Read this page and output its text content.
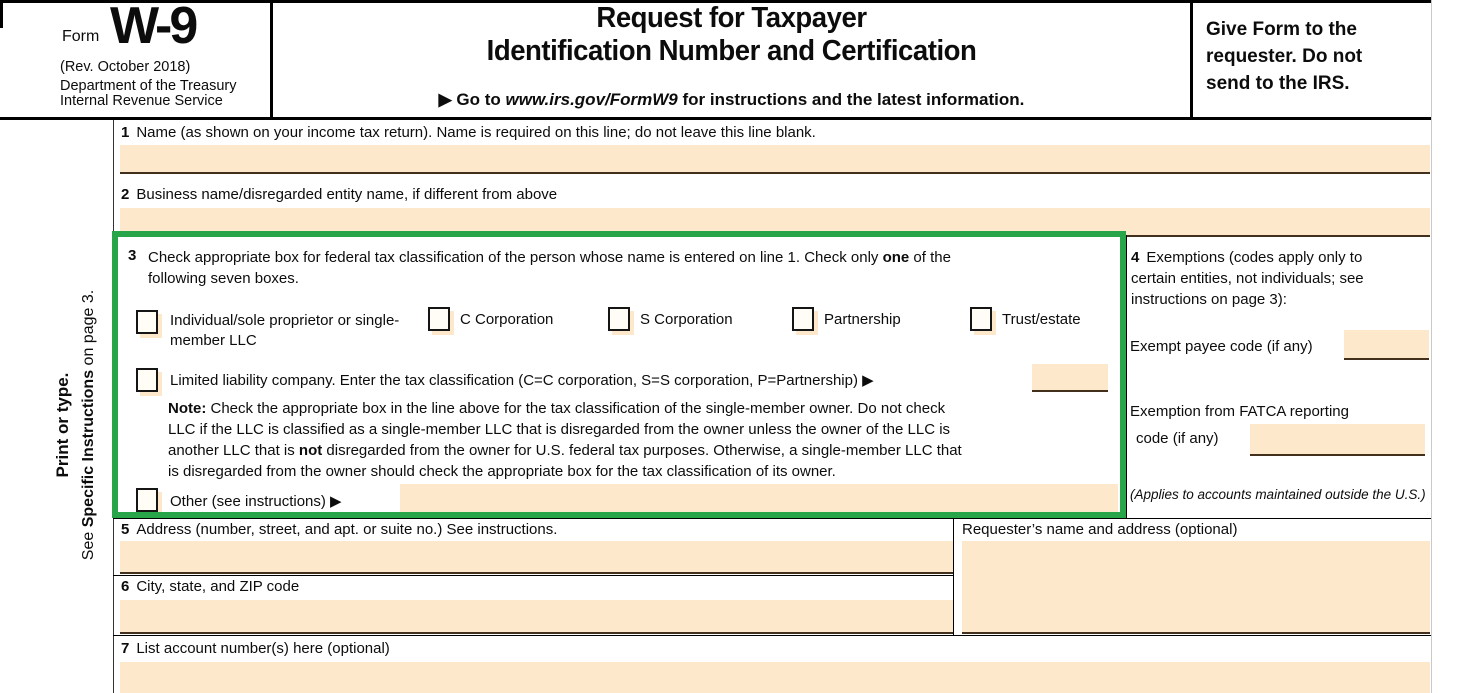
Form W-9
(Rev. October 2018)
Department of the Treasury
Internal Revenue Service
Request for Taxpayer
Identification Number and Certification
▶ Go to www.irs.gov/FormW9 for instructions and the latest information.
Give Form to the
requester. Do not
send to the IRS.
Print or type.
See Specific Instructions on page 3.
1 Name (as shown on your income tax return). Name is required on this line; do not leave this line blank.
2 Business name/disregarded entity name, if different from above
3 Check appropriate box for federal tax classification of the person whose name is entered on line 1. Check only one of the
following seven boxes.
Individual/sole proprietor or single-member LLC
C Corporation	S Corporation	Partnership	Trust/estate
Limited liability company. Enter the tax classification (C=C corporation, S=S corporation, P=Partnership) ▶
Note: Check the appropriate box in the line above for the tax classification of the single-member owner. Do not check
LLC if the LLC is classified as a single-member LLC that is disregarded from the owner unless the owner of the LLC is
another LLC that is not disregarded from the owner for U.S. federal tax purposes. Otherwise, a single-member LLC that
is disregarded from the owner should check the appropriate box for the tax classification of its owner.
Other (see instructions) ▶
4 Exemptions (codes apply only to certain entities, not individuals; see instructions on page 3):
Exempt payee code (if any)
Exemption from FATCA reporting
code (if any)
(Applies to accounts maintained outside the U.S.)
5 Address (number, street, and apt. or suite no.) See instructions.	Requester’s name and address (optional)
6 City, state, and ZIP code
7 List account number(s) here (optional)
